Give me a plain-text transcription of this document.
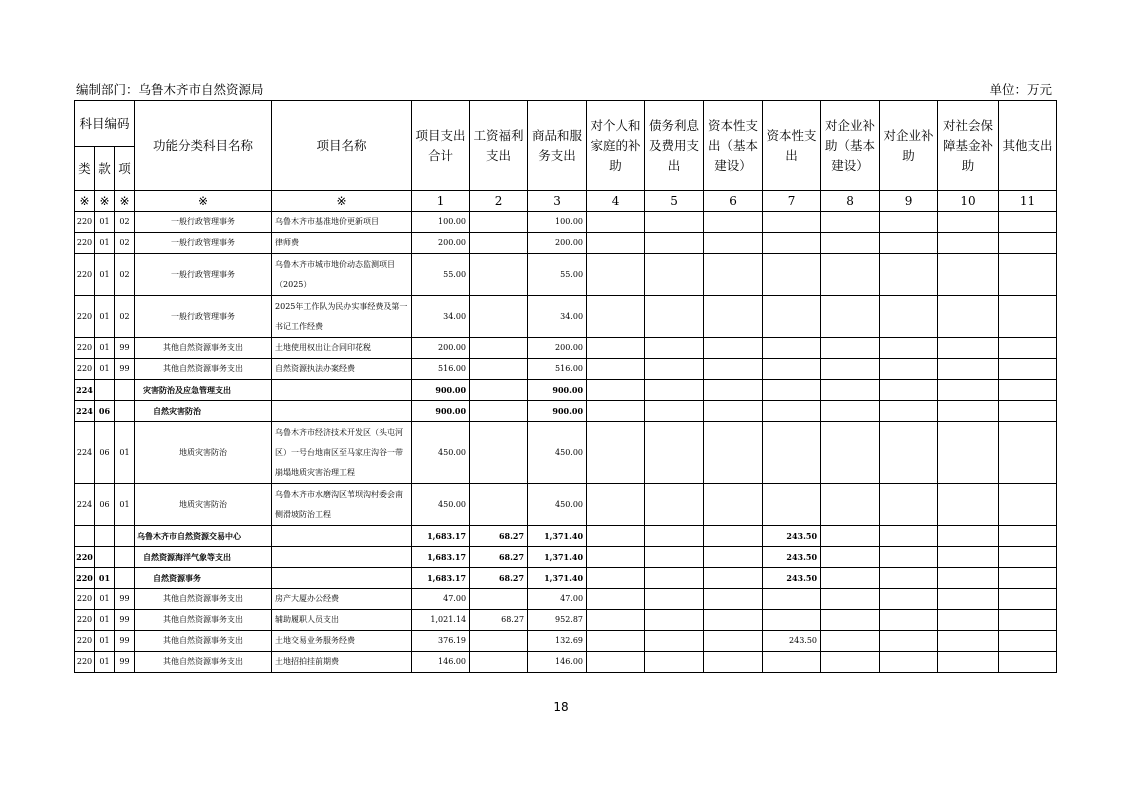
编制部门：乌鲁木齐市自然资源局	单位：万元
科目编码			功能分类科目名称	项目名称	项目支出合计	工资福利支出	商品和服务支出	对个人和家庭的补助	债务利息及费用支出	资本性支出（基本建设）	资本性支出	对企业补助（基本建设）	对企业补助	对社会保障基金补助	其他支出
类	款	项													
※	※	※	※	※	1	2	3	4	5	6	7	8	9	10	11
220	01	02	一般行政管理事务	乌鲁木齐市基准地价更新项目	100.00		100.00								
220	01	02	一般行政管理事务	律师费	200.00		200.00								
220	01	02	一般行政管理事务	乌鲁木齐市城市地价动态监测项目（2025）	55.00		55.00								
220	01	02	一般行政管理事务	2025年工作队为民办实事经费及第一书记工作经费	34.00		34.00								
220	01	99	其他自然资源事务支出	土地使用权出让合同印花税	200.00		200.00								
220	01	99	其他自然资源事务支出	自然资源执法办案经费	516.00		516.00								
224			灾害防治及应急管理支出		900.00		900.00								
224	06		自然灾害防治		900.00		900.00								
224	06	01	地质灾害防治	乌鲁木齐市经济技术开发区（头屯河区）一号台地南区至马家庄沟谷一带崩塌地质灾害治理工程	450.00		450.00								
224	06	01	地质灾害防治	乌鲁木齐市水磨沟区苇坝沟村委会南侧滑坡防治工程	450.00		450.00								
			乌鲁木齐市自然资源交易中心		1,683.17	68.27	1,371.40				243.50				
220			自然资源海洋气象等支出		1,683.17	68.27	1,371.40				243.50				
220	01		自然资源事务		1,683.17	68.27	1,371.40				243.50				
220	01	99	其他自然资源事务支出	房产大厦办公经费	47.00		47.00								
220	01	99	其他自然资源事务支出	辅助履职人员支出	1,021.14	68.27	952.87								
220	01	99	其他自然资源事务支出	土地交易业务服务经费	376.19		132.69				243.50				
220	01	99	其他自然资源事务支出	土地招拍挂前期费	146.00		146.00								
18
